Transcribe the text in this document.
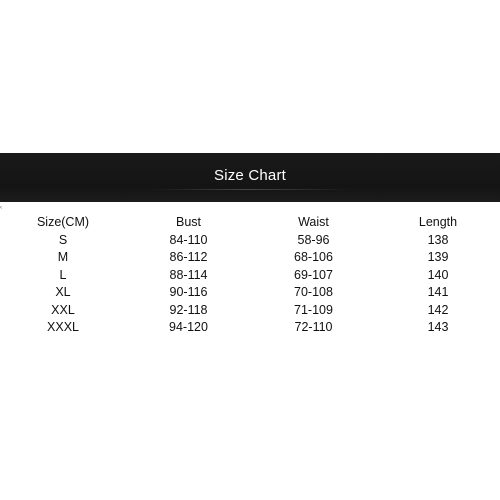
Size Chart
‹
Size(CM)	Bust	Waist	Length
S	84-110	58-96	138
M	86-112	68-106	139
L	88-114	69-107	140
XL	90-116	70-108	141
XXL	92-118	71-109	142
XXXL	94-120	72-110	143
